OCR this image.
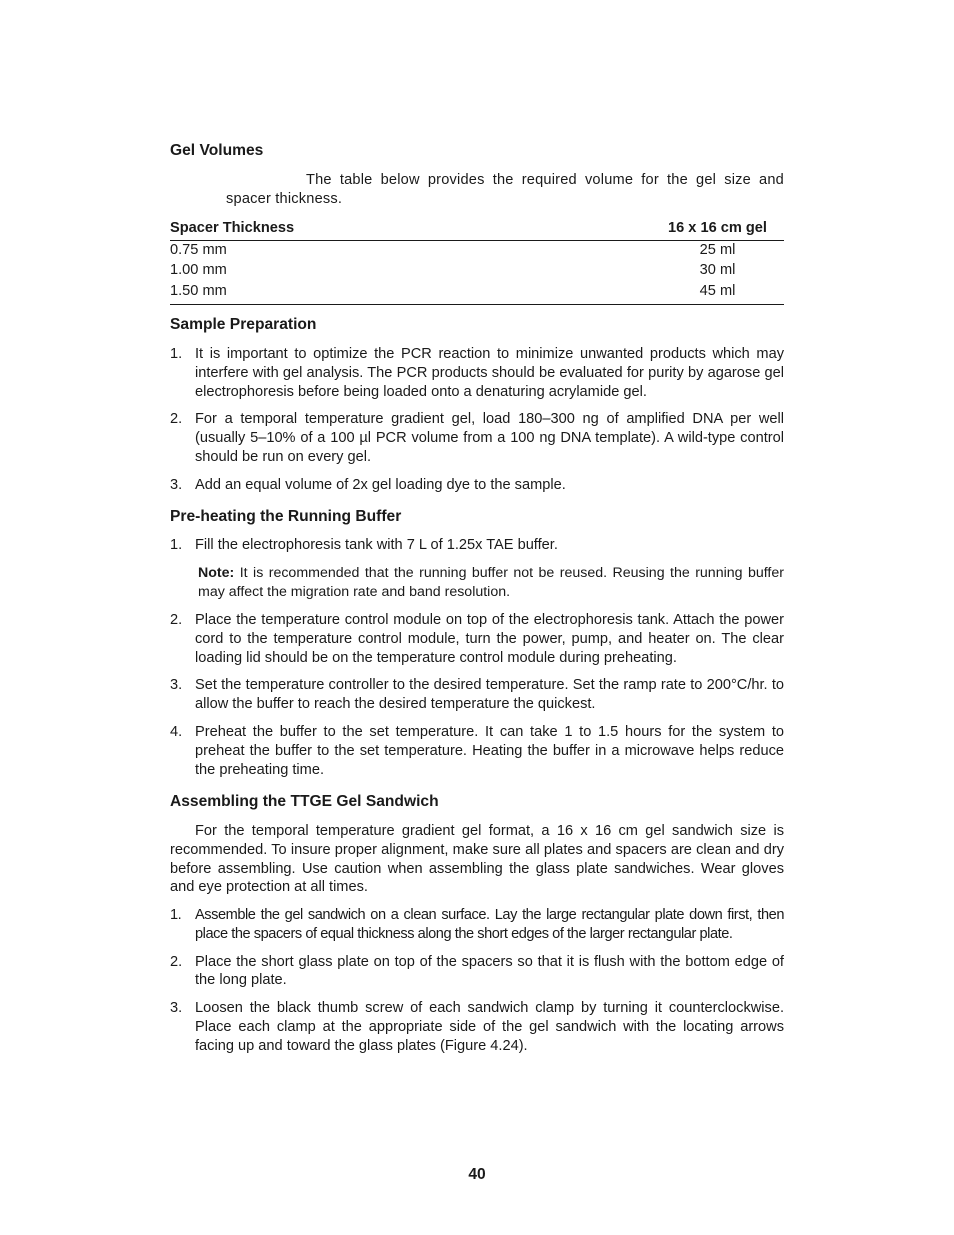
Gel Volumes

The table below provides the required volume for the gel size and spacer thickness.

Spacer Thickness	16 x 16 cm gel
0.75 mm	25 ml
1.00 mm	30 ml
1.50 mm	45 ml
Sample Preparation
1. It is important to optimize the PCR reaction to minimize unwanted products which may interfere with gel analysis. The PCR products should be evaluated for purity by agarose gel electrophoresis before being loaded onto a denaturing acrylamide gel.
2. For a temporal temperature gradient gel, load 180–300 ng of amplified DNA per well (usually 5–10% of a 100 µl PCR volume from a 100 ng DNA template). A wild-type control should be run on every gel.
3. Add an equal volume of 2x gel loading dye to the sample.
Pre-heating the Running Buffer
1. Fill the electrophoresis tank with 7 L of 1.25x TAE buffer.

Note: It is recommended that the running buffer not be reused. Reusing the running buffer may affect the migration rate and band resolution.

2. Place the temperature control module on top of the electrophoresis tank. Attach the power cord to the temperature control module, turn the power, pump, and heater on. The clear loading lid should be on the temperature control module during preheating.
3. Set the temperature controller to the desired temperature. Set the ramp rate to 200°C/hr. to allow the buffer to reach the desired temperature the quickest.
4. Preheat the buffer to the set temperature. It can take 1 to 1.5 hours for the system to preheat the buffer to the set temperature. Heating the buffer in a microwave helps reduce the preheating time.
Assembling the TTGE Gel Sandwich

For the temporal temperature gradient gel format, a 16 x 16 cm gel sandwich size is recommended. To insure proper alignment, make sure all plates and spacers are clean and dry before assembling. Use caution when assembling the glass plate sandwiches. Wear gloves and eye protection at all times.

1. Assemble the gel sandwich on a clean surface. Lay the large rectangular plate down first, then place the spacers of equal thickness along the short edges of the larger rectangular plate.
2. Place the short glass plate on top of the spacers so that it is flush with the bottom edge of the long plate.
3. Loosen the black thumb screw of each sandwich clamp by turning it counterclockwise. Place each clamp at the appropriate side of the gel sandwich with the locating arrows facing up and toward the glass plates (Figure 4.24).
40
